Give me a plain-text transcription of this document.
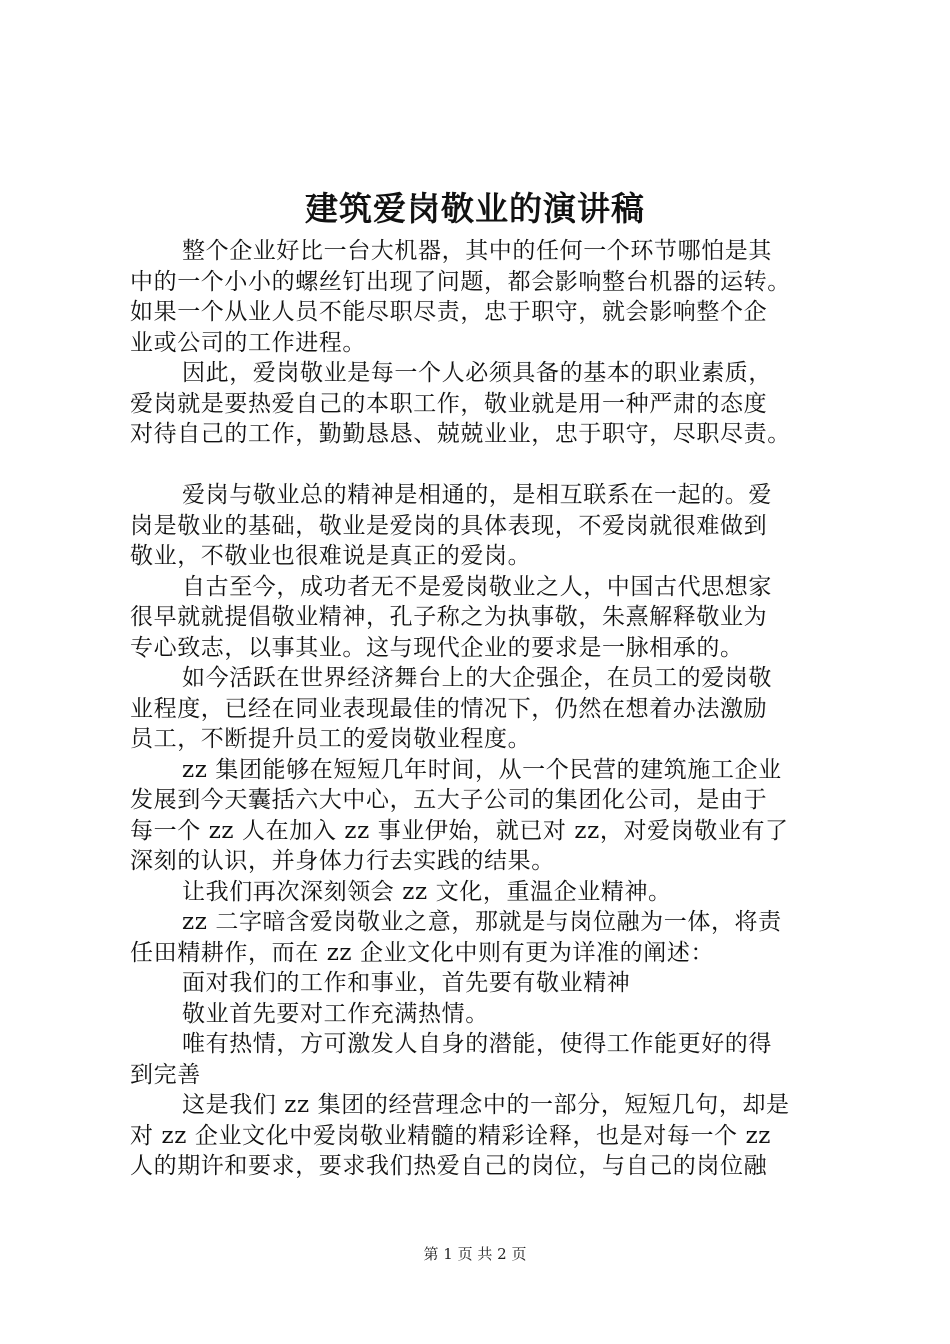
建筑爱岗敬业的演讲稿
整个企业好比一台大机器，其中的任何一个环节哪怕是其
中的一个小小的螺丝钉出现了问题，都会影响整台机器的运转。
如果一个从业人员不能尽职尽责，忠于职守，就会影响整个企
业或公司的工作进程。
因此，爱岗敬业是每一个人必须具备的基本的职业素质，
爱岗就是要热爱自己的本职工作，敬业就是用一种严肃的态度
对待自己的工作，勤勤恳恳、兢兢业业，忠于职守，尽职尽责。
爱岗与敬业总的精神是相通的，是相互联系在一起的。爱
岗是敬业的基础，敬业是爱岗的具体表现，不爱岗就很难做到
敬业，不敬业也很难说是真正的爱岗。
自古至今，成功者无不是爱岗敬业之人，中国古代思想家
很早就就提倡敬业精神，孔子称之为执事敬，朱熹解释敬业为
专心致志，以事其业。这与现代企业的要求是一脉相承的。
如今活跃在世界经济舞台上的大企强企，在员工的爱岗敬
业程度，已经在同业表现最佳的情况下，仍然在想着办法激励
员工，不断提升员工的爱岗敬业程度。
zz 集团能够在短短几年时间，从一个民营的建筑施工企业
发展到今天囊括六大中心，五大子公司的集团化公司，是由于
每一个 zz 人在加入 zz 事业伊始，就已对 zz，对爱岗敬业有了
深刻的认识，并身体力行去实践的结果。
让我们再次深刻领会 zz 文化，重温企业精神。
zz 二字暗含爱岗敬业之意，那就是与岗位融为一体，将责
任田精耕作，而在 zz 企业文化中则有更为详准的阐述：
面对我们的工作和事业，首先要有敬业精神
敬业首先要对工作充满热情。
唯有热情，方可激发人自身的潜能，使得工作能更好的得
到完善
这是我们 zz 集团的经营理念中的一部分，短短几句，却是
对 zz 企业文化中爱岗敬业精髓的精彩诠释，也是对每一个 zz
人的期许和要求，要求我们热爱自己的岗位，与自己的岗位融
第 1 页 共 2 页
